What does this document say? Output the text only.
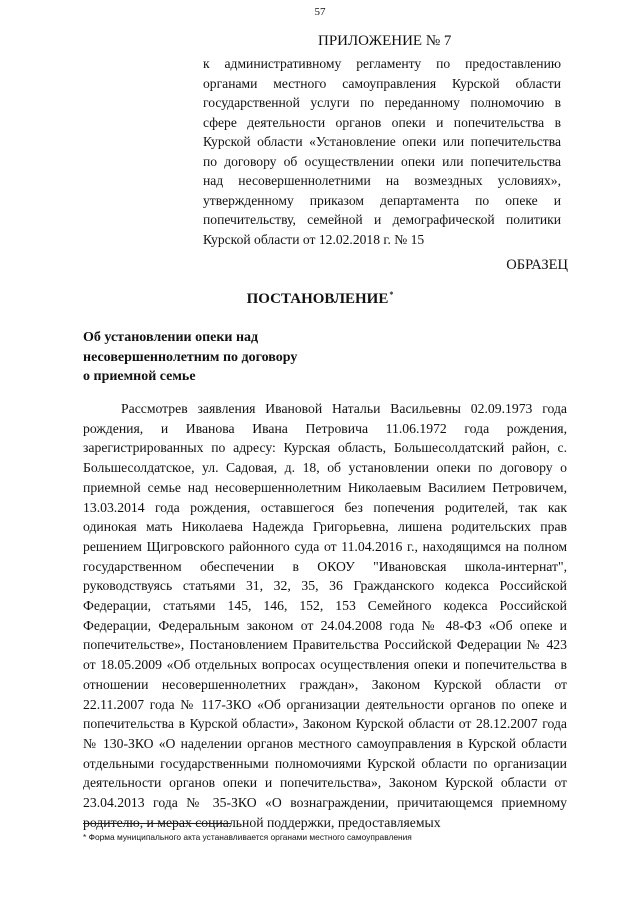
57
ПРИЛОЖЕНИЕ № 7
к административному регламенту по предоставлению органами местного самоуправления Курской области государственной услуги по переданному полномочию в сфере деятельности органов опеки и попечительства в Курской области «Установление опеки или попечительства по договору об осуществлении опеки или попечительства над несовершеннолетними на возмездных условиях», утвержденному приказом департамента по опеке и попечительству, семейной и демографической политики Курской области от 12.02.2018 г. № 15
ОБРАЗЕЦ
ПОСТАНОВЛЕНИЕ*
Об установлении опеки над
несовершеннолетним по договору
о приемной семье
Рассмотрев заявления Ивановой Натальи Васильевны 02.09.1973 года рождения, и Иванова Ивана Петровича 11.06.1972 года рождения, зарегистрированных по адресу: Курская область, Большесолдатский район, с. Большесолдатское, ул. Садовая, д. 18, об установлении опеки по договору о приемной семье над несовершеннолетним Николаевым Василием Петровичем, 13.03.2014 года рождения, оставшегося без попечения родителей, так как одинокая мать Николаева Надежда Григорьевна, лишена родительских прав решением Щигровского районного суда от 11.04.2016 г., находящимся на полном государственном обеспечении в ОКОУ "Ивановская школа-интернат", руководствуясь статьями 31, 32, 35, 36 Гражданского кодекса Российской Федерации, статьями 145, 146, 152, 153 Семейного кодекса Российской Федерации, Федеральным законом от 24.04.2008 года № 48-ФЗ «Об опеке и попечительстве», Постановлением Правительства Российской Федерации № 423 от 18.05.2009 «Об отдельных вопросах осуществления опеки и попечительства в отношении несовершеннолетних граждан», Законом Курской области от 22.11.2007 года № 117-ЗКО «Об организации деятельности органов по опеке и попечительства в Курской области», Законом Курской области от 28.12.2007 года № 130-ЗКО «О наделении органов местного самоуправления в Курской области отдельными государственными полномочиями Курской области по организации деятельности органов опеки и попечительства», Законом Курской области от 23.04.2013 года № 35-ЗКО «О вознаграждении, причитающемся приемному родителю, и мерах социальной поддержки, предоставляемых
* Форма муниципального акта устанавливается органами местного самоуправления
